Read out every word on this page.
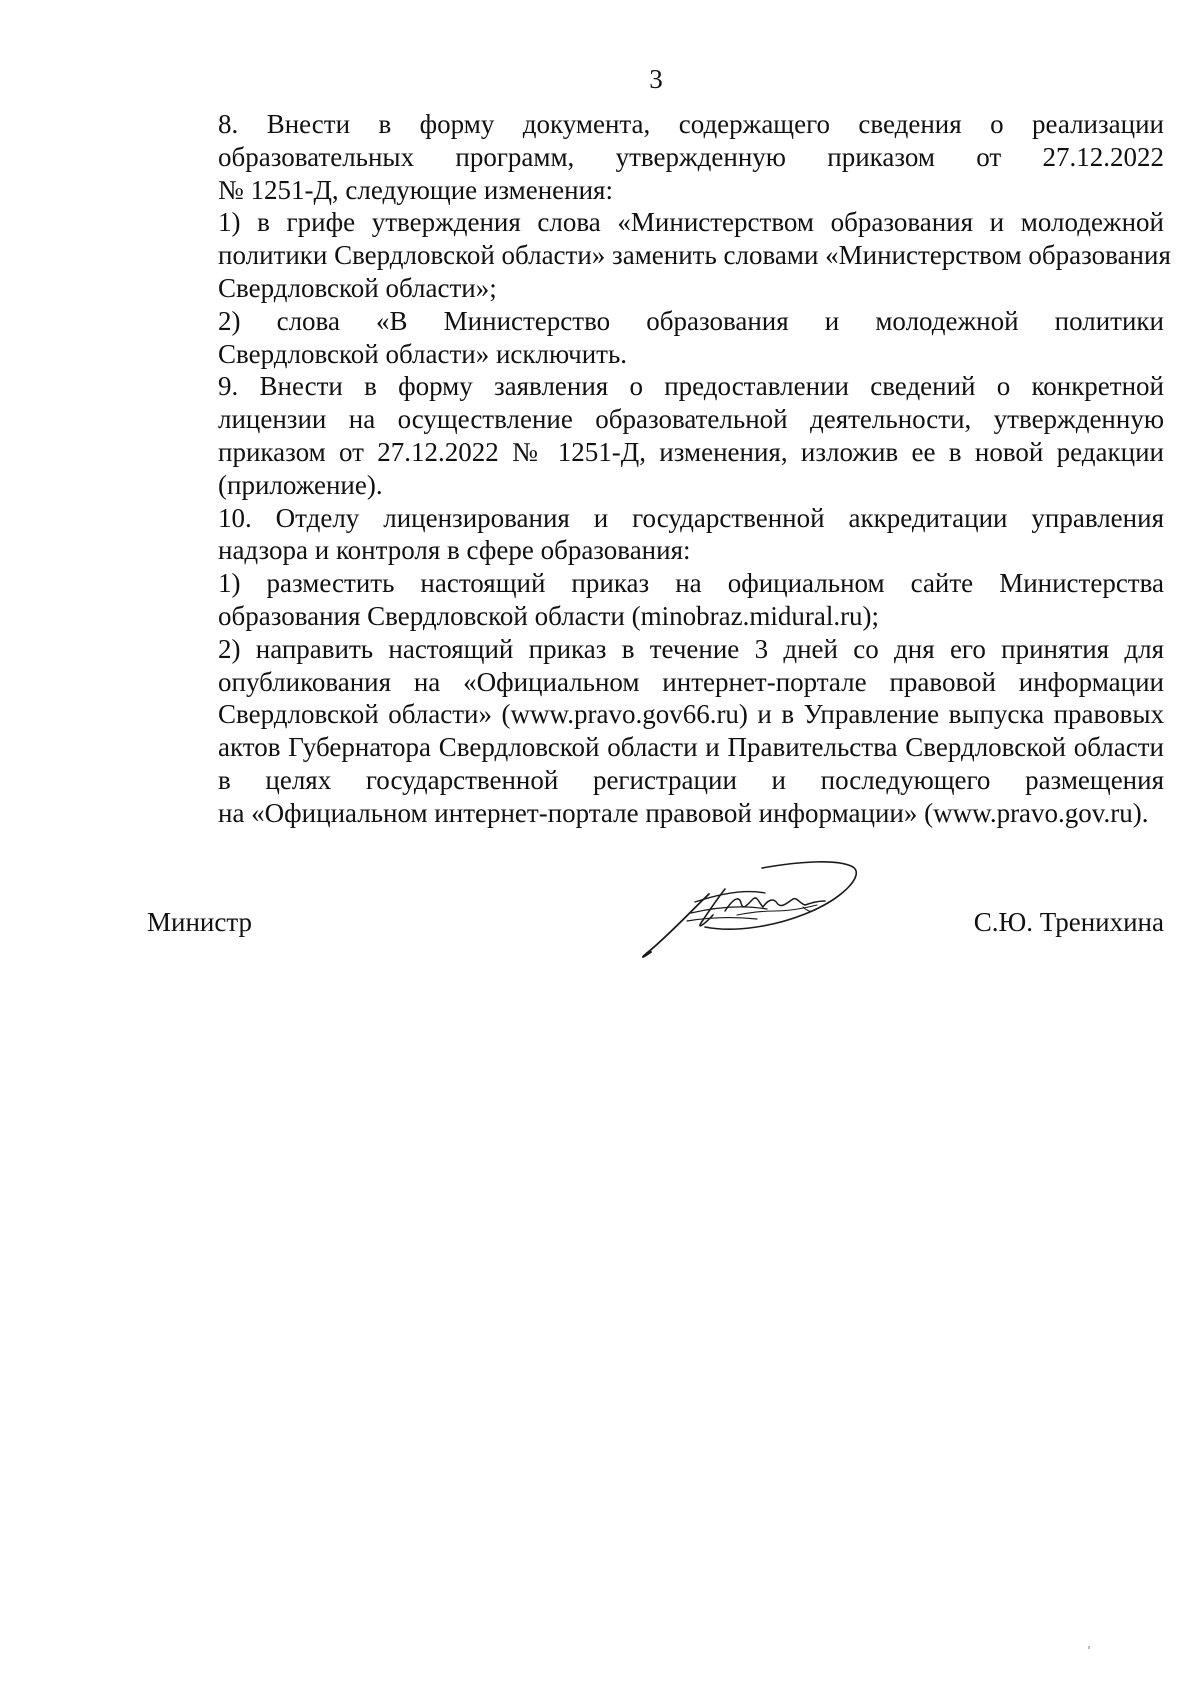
3

8. Внести в форму документа, содержащего сведения о реализации
образовательных программ, утвержденную приказом от 27.12.2022
№ 1251-Д, следующие изменения:

1) в грифе утверждения слова «Министерством образования и молодежной
политики Свердловской области» заменить словами «Министерством образования
Свердловской области»;

2) слова «В Министерство образования и молодежной политики
Свердловской области» исключить.

9. Внести в форму заявления о предоставлении сведений о конкретной
лицензии на осуществление образовательной деятельности, утвержденную
приказом от 27.12.2022 № 1251-Д, изменения, изложив ее в новой редакции
(приложение).

10. Отделу лицензирования и государственной аккредитации управления
надзора и контроля в сфере образования:

1) разместить настоящий приказ на официальном сайте Министерства
образования Свердловской области (minobraz.midural.ru);

2) направить настоящий приказ в течение 3 дней со дня его принятия для
опубликования на «Официальном интернет-портале правовой информации
Свердловской области» (www.pravo.gov66.ru) и в Управление выпуска правовых
актов Губернатора Свердловской области и Правительства Свердловской области
в целях государственной регистрации и последующего размещения
на «Официальном интернет-портале правовой информации» (www.pravo.gov.ru).

Министр	С.Ю. Тренихина
